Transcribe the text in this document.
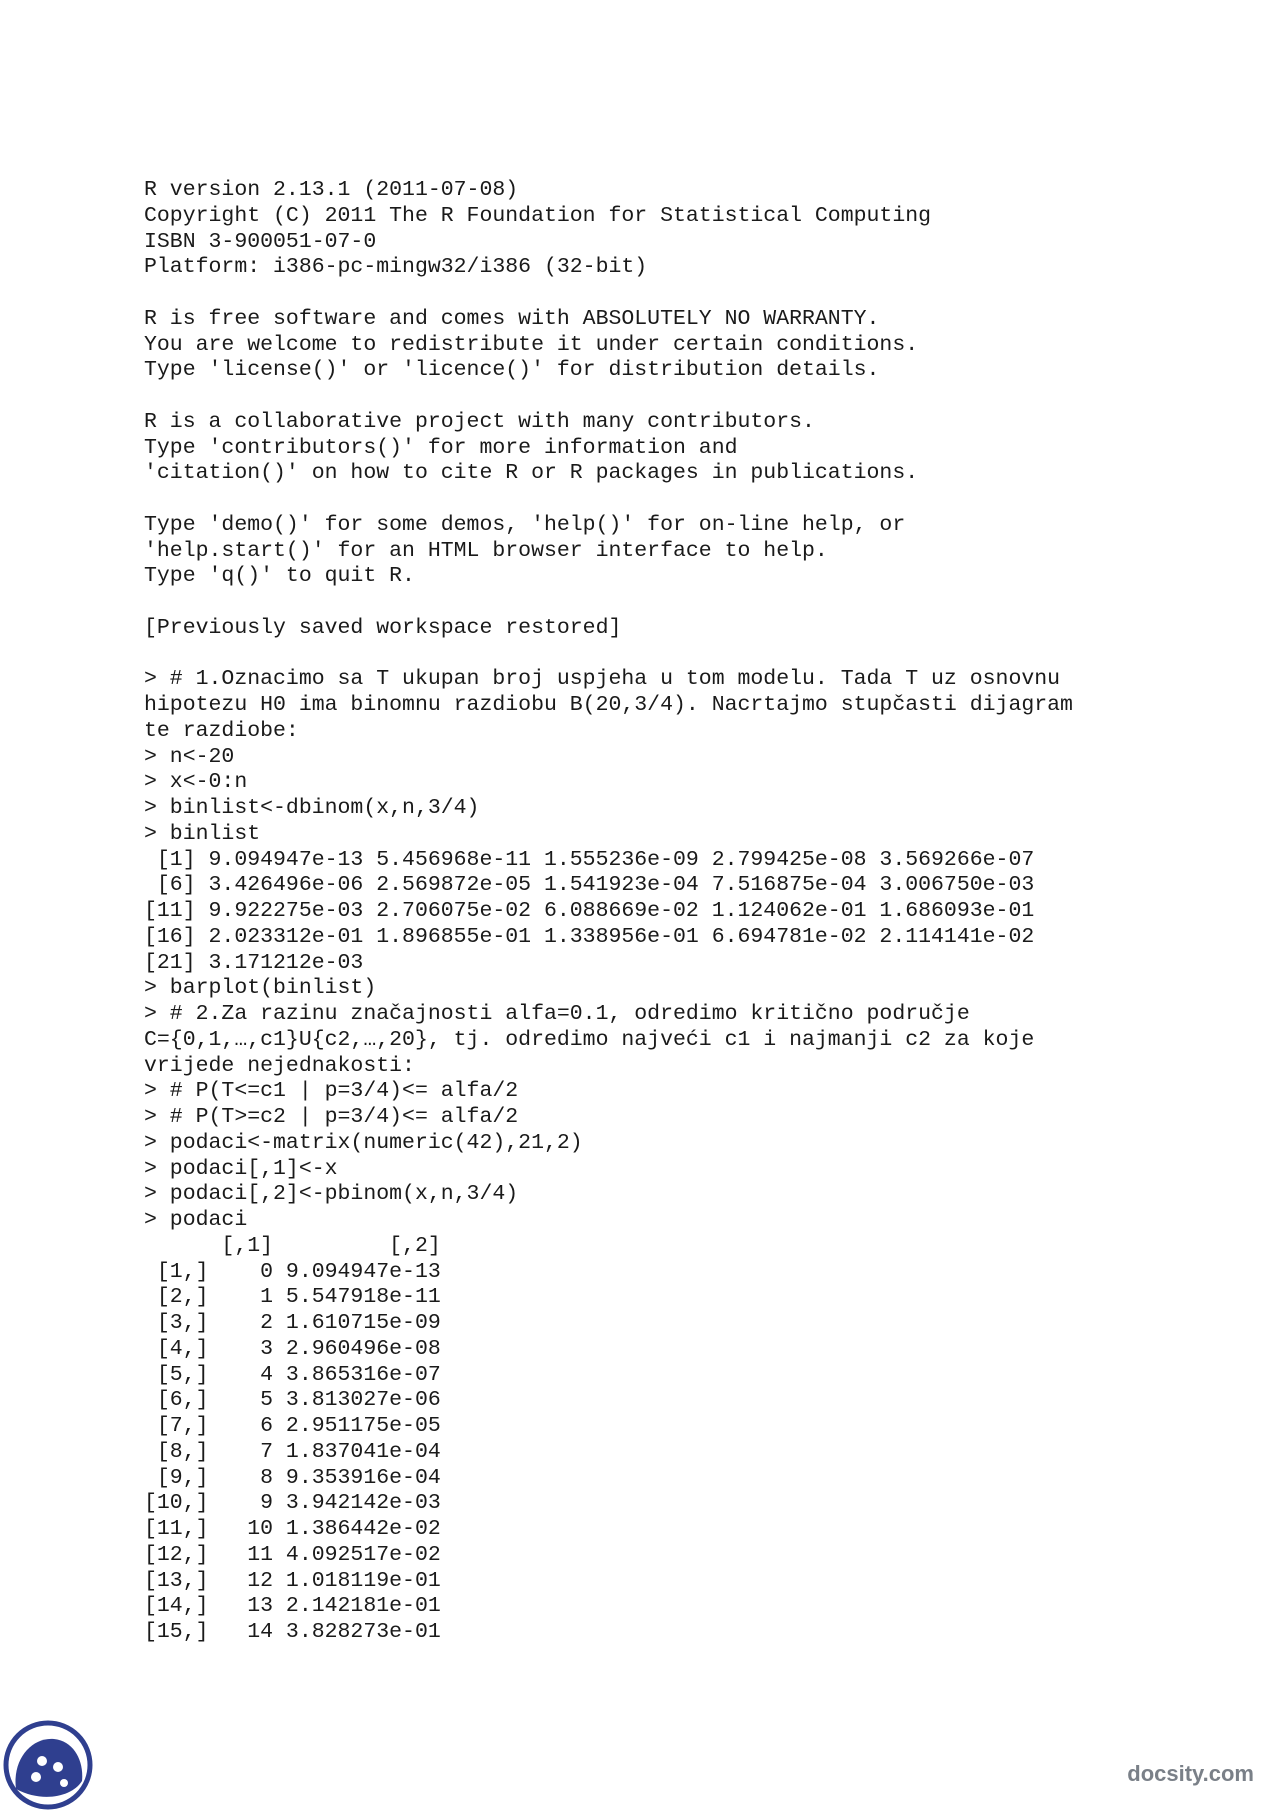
R version 2.13.1 (2011-07-08)
Copyright (C) 2011 The R Foundation for Statistical Computing
ISBN 3-900051-07-0
Platform: i386-pc-mingw32/i386 (32-bit)
R is free software and comes with ABSOLUTELY NO WARRANTY.
You are welcome to redistribute it under certain conditions.
Type 'license()' or 'licence()' for distribution details.
R is a collaborative project with many contributors.
Type 'contributors()' for more information and
'citation()' on how to cite R or R packages in publications.
Type 'demo()' for some demos, 'help()' for on-line help, or
'help.start()' for an HTML browser interface to help.
Type 'q()' to quit R.
[Previously saved workspace restored]
> # 1.Oznacimo sa T ukupan broj uspjeha u tom modelu. Tada T uz osnovnu
hipotezu H0 ima binomnu razdiobu B(20,3/4). Nacrtajmo stupčasti dijagram
te razdiobe:
> n<-20
> x<-0:n
> binlist<-dbinom(x,n,3/4)
> binlist
[1] 9.094947e-13 5.456968e-11 1.555236e-09 2.799425e-08 3.569266e-07
[6] 3.426496e-06 2.569872e-05 1.541923e-04 7.516875e-04 3.006750e-03
[11] 9.922275e-03 2.706075e-02 6.088669e-02 1.124062e-01 1.686093e-01
[16] 2.023312e-01 1.896855e-01 1.338956e-01 6.694781e-02 2.114141e-02
[21] 3.171212e-03
> barplot(binlist)
> # 2.Za razinu značajnosti alfa=0.1, odredimo kritično područje
C={0,1,…,c1}U{c2,…,20}, tj. odredimo najveći c1 i najmanji c2 za koje
vrijede nejednakosti:
> # P(T<=c1 | p=3/4)<= alfa/2
> # P(T>=c2 | p=3/4)<= alfa/2
> podaci<-matrix(numeric(42),21,2)
> podaci[,1]<-x
> podaci[,2]<-pbinom(x,n,3/4)
> podaci
[,1]         [,2]
[1,]    0 9.094947e-13
[2,]    1 5.547918e-11
[3,]    2 1.610715e-09
[4,]    3 2.960496e-08
[5,]    4 3.865316e-07
[6,]    5 3.813027e-06
[7,]    6 2.951175e-05
[8,]    7 1.837041e-04
[9,]    8 9.353916e-04
[10,]    9 3.942142e-03
[11,]   10 1.386442e-02
[12,]   11 4.092517e-02
[13,]   12 1.018119e-01
[14,]   13 2.142181e-01
[15,]   14 3.828273e-01
docsity.com
